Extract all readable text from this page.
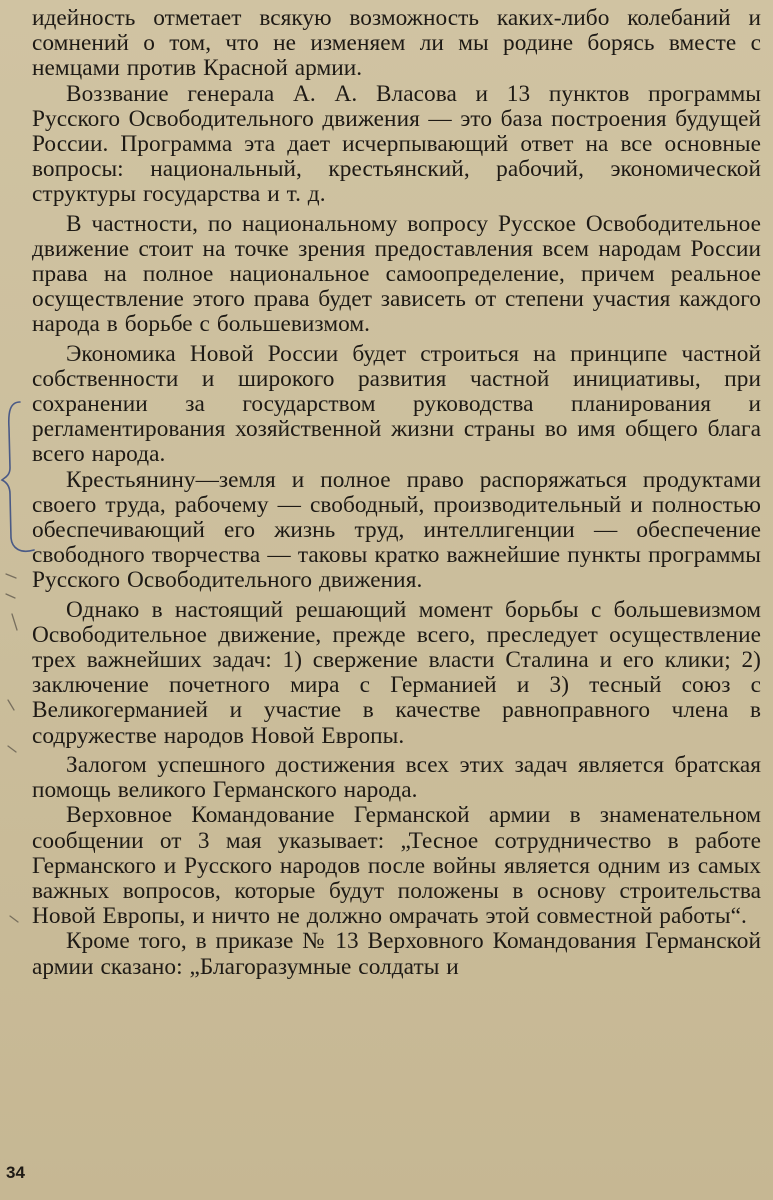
идейность отметает всякую возможность каких-либо колебаний и сомнений о том, что не изменяем ли мы родине борясь вместе с немцами против Красной армии.

Воззвание генерала А. А. Власова и 13 пунктов программы Русского Освободительного движения — это база построения будущей России. Программа эта дает исчерпывающий ответ на все основные вопросы: национальный, крестьянский, рабочий, экономической структуры государства и т. д.

В частности, по национальному вопросу Русское Освободительное движение стоит на точке зрения предоставления всем народам России права на полное национальное самоопределение, причем реальное осуществление этого права будет зависеть от степени участия каждого народа в борьбе с большевизмом.

Экономика Новой России будет строиться на принципе частной собственности и широкого развития частной инициативы, при сохранении за государством руководства планирования и регламентирования хозяйственной жизни страны во имя общего блага всего народа.

Крестьянину—земля и полное право распоряжаться продуктами своего труда, рабочему — свободный, производительный и полностью обеспечивающий его жизнь труд, интеллигенции — обеспечение свободного творчества — таковы кратко важнейшие пункты программы Русского Освободительного движения.

Однако в настоящий решающий момент борьбы с большевизмом Освободительное движение, прежде всего, преследует осуществление трех важнейших задач: 1) свержение власти Сталина и его клики; 2) заключение почетного мира с Германией и 3) тесный союз с Великогерманией и участие в качестве равноправного члена в содружестве народов Новой Европы.

Залогом успешного достижения всех этих задач является братская помощь великого Германского народа.

Верховное Командование Германской армии в знаменательном сообщении от 3 мая указывает: „Тесное сотрудничество в работе Германского и Русского народов после войны является одним из самых важных вопросов, которые будут положены в основу строительства Новой Европы, и ничто не должно омрачать этой совместной работы“.

Кроме того, в приказе № 13 Верховного Командования Германской армии сказано: „Благоразумные солдаты и

34
